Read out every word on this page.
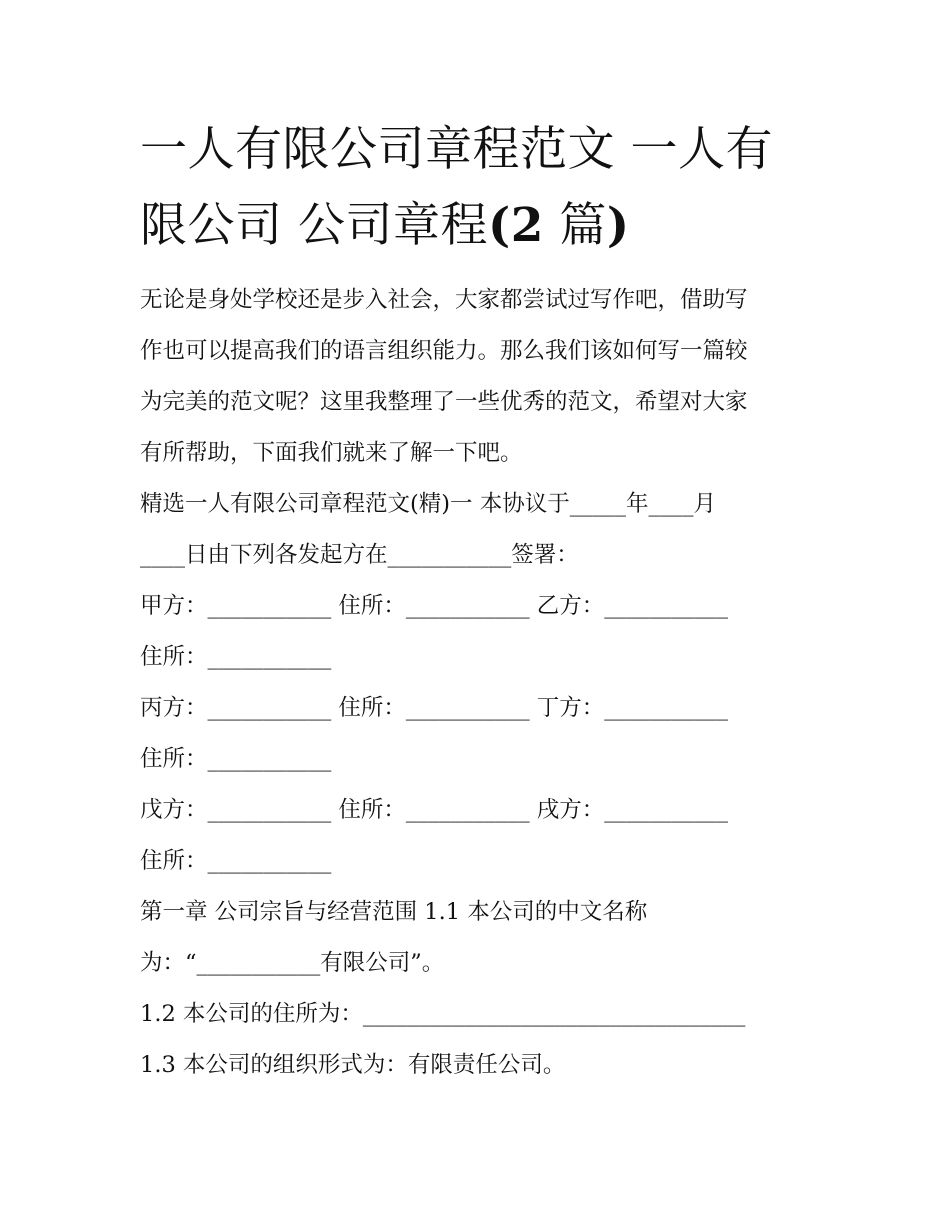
一人有限公司章程范文 一人有
限公司 公司章程(2 篇)
无论是身处学校还是步入社会，大家都尝试过写作吧，借助写
作也可以提高我们的语言组织能力。那么我们该如何写一篇较
为完美的范文呢？这里我整理了一些优秀的范文，希望对大家
有所帮助，下面我们就来了解一下吧。
精选一人有限公司章程范文(精)一 本协议于_____年____月
____日由下列各发起方在___________签署：
甲方：___________ 住所：___________ 乙方：___________
住所：___________
丙方：___________ 住所：___________ 丁方：___________
住所：___________
戊方：___________ 住所：___________ 戌方：___________
住所：___________
第一章 公司宗旨与经营范围 1.1 本公司的中文名称
为：“___________有限公司”。
1.2 本公司的住所为：__________________________________
1.3 本公司的组织形式为：有限责任公司。
